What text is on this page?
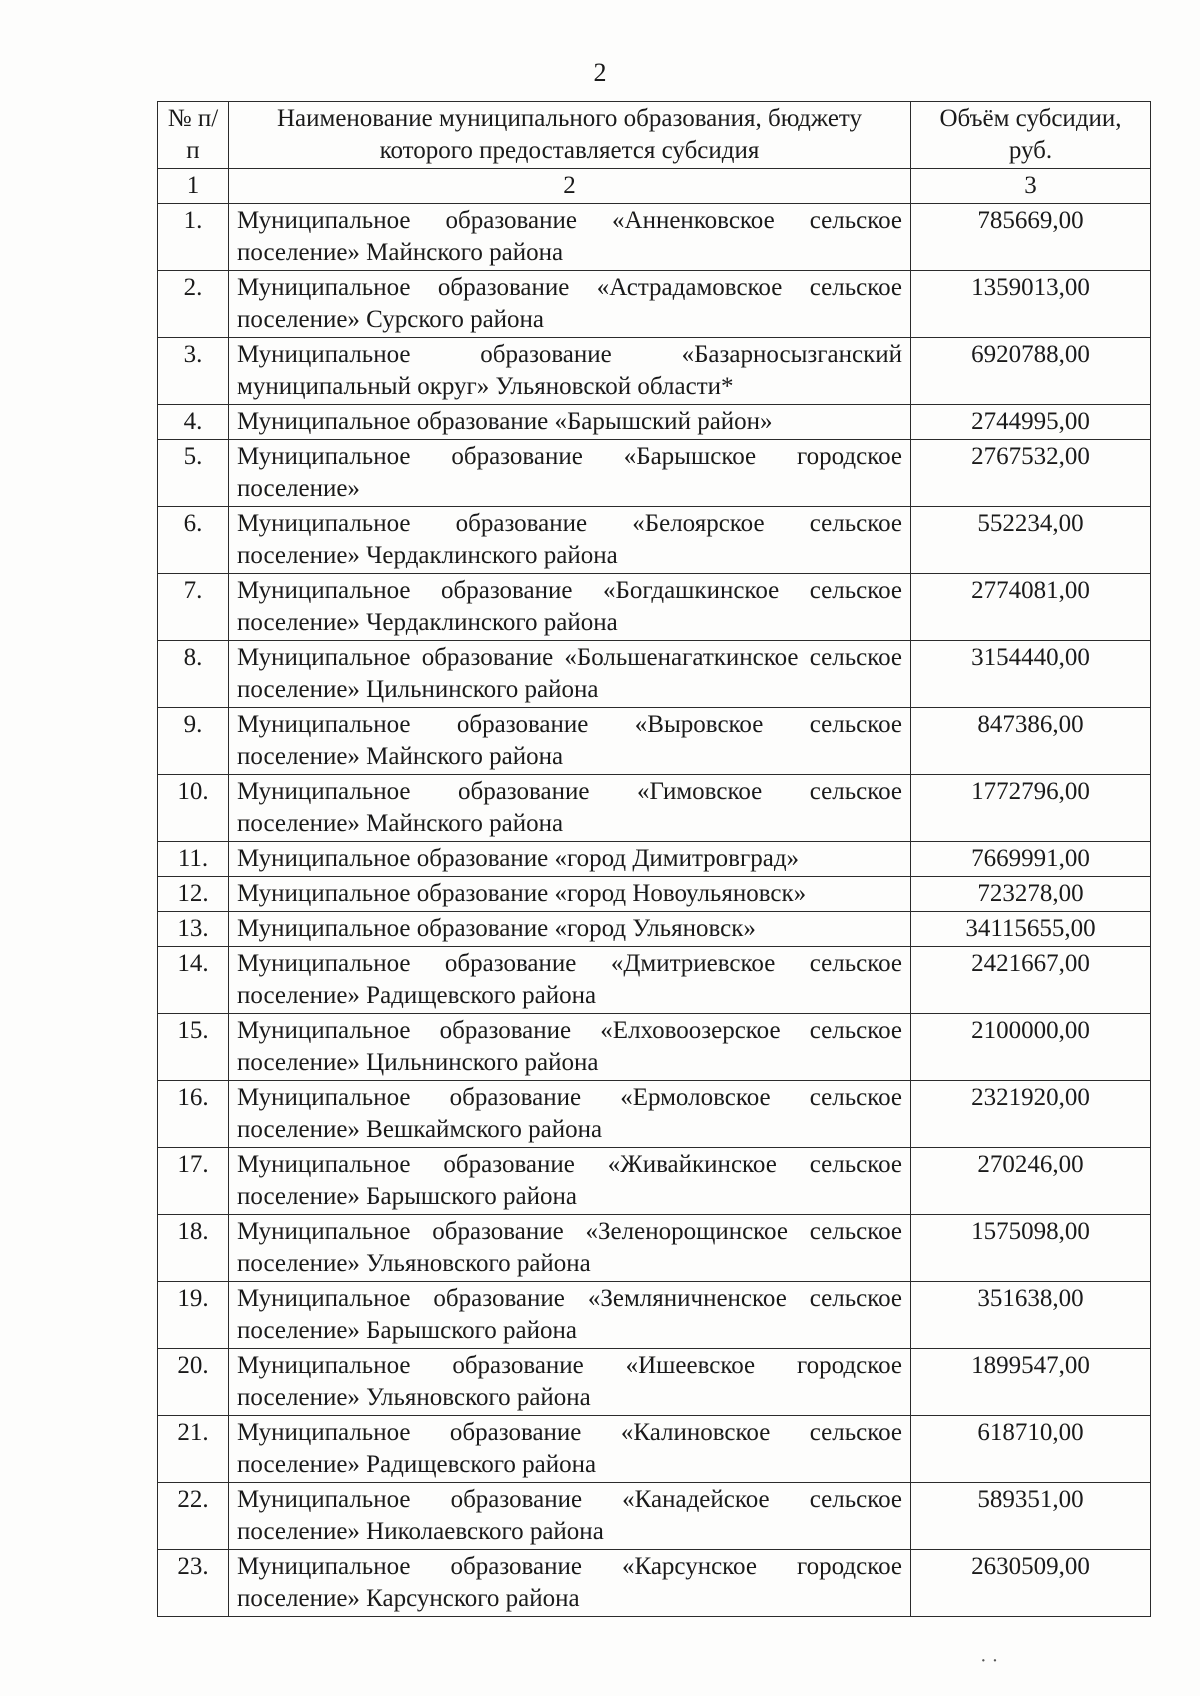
2
№ п/п	Наименование муниципального образования, бюджету которого предоставляется субсидия	Объём субсидии, руб.
1	2	3
1.	Муниципальное образование «Анненковское сельское поселение» Майнского района	785669,00
2.	Муниципальное образование «Астрадамовское сельское поселение» Сурского района	1359013,00
3.	Муниципальное образование «Базарносызганский муниципальный округ» Ульяновской области*	6920788,00
4.	Муниципальное образование «Барышский район»	2744995,00
5.	Муниципальное образование «Барышское городское поселение»	2767532,00
6.	Муниципальное образование «Белоярское сельское поселение» Чердаклинского района	552234,00
7.	Муниципальное образование «Богдашкинское сельское поселение» Чердаклинского района	2774081,00
8.	Муниципальное образование «Большенагаткинское сельское поселение» Цильнинского района	3154440,00
9.	Муниципальное образование «Выровское сельское поселение» Майнского района	847386,00
10.	Муниципальное образование «Гимовское сельское поселение» Майнского района	1772796,00
11.	Муниципальное образование «город Димитровград»	7669991,00
12.	Муниципальное образование «город Новоульяновск»	723278,00
13.	Муниципальное образование «город Ульяновск»	34115655,00
14.	Муниципальное образование «Дмитриевское сельское поселение» Радищевского района	2421667,00
15.	Муниципальное образование «Елховоозерское сельское поселение» Цильнинского района	2100000,00
16.	Муниципальное образование «Ермоловское сельское поселение» Вешкаймского района	2321920,00
17.	Муниципальное образование «Живайкинское сельское поселение» Барышского района	270246,00
18.	Муниципальное образование «Зеленорощинское сельское поселение» Ульяновского района	1575098,00
19.	Муниципальное образование «Земляничненское сельское поселение» Барышского района	351638,00
20.	Муниципальное образование «Ишеевское городское поселение» Ульяновского района	1899547,00
21.	Муниципальное образование «Калиновское сельское поселение» Радищевского района	618710,00
22.	Муниципальное образование «Канадейское сельское поселение» Николаевского района	589351,00
23.	Муниципальное образование «Карсунское городское поселение» Карсунского района	2630509,00
· ·
